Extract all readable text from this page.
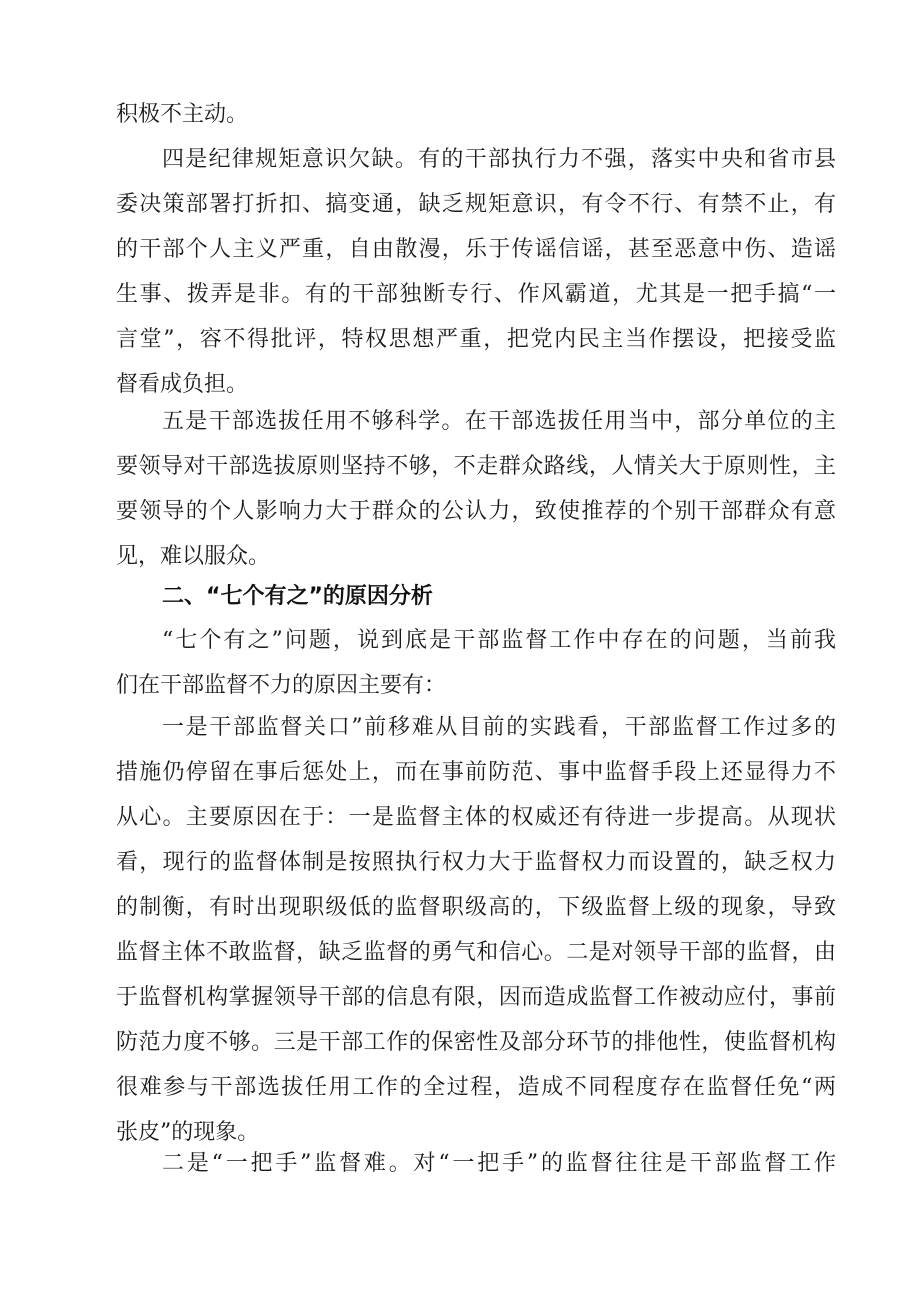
积极不主动。
四是纪律规矩意识欠缺。有的干部执行力不强，落实中央和省市县
委决策部署打折扣、搞变通，缺乏规矩意识，有令不行、有禁不止，有
的干部个人主义严重，自由散漫，乐于传谣信谣，甚至恶意中伤、造谣
生事、拨弄是非。有的干部独断专行、作风霸道，尤其是一把手搞“一
言堂”，容不得批评，特权思想严重，把党内民主当作摆设，把接受监
督看成负担。
五是干部选拔任用不够科学。在干部选拔任用当中，部分单位的主
要领导对干部选拔原则坚持不够，不走群众路线，人情关大于原则性，主
要领导的个人影响力大于群众的公认力，致使推荐的个别干部群众有意
见，难以服众。
二、“七个有之”的原因分析
“七个有之”问题，说到底是干部监督工作中存在的问题，当前我
们在干部监督不力的原因主要有：
一是干部监督关口”前移难从目前的实践看，干部监督工作过多的
措施仍停留在事后惩处上，而在事前防范、事中监督手段上还显得力不
从心。主要原因在于：一是监督主体的权威还有待进一步提高。从现状
看，现行的监督体制是按照执行权力大于监督权力而设置的，缺乏权力
的制衡，有时出现职级低的监督职级高的，下级监督上级的现象，导致
监督主体不敢监督，缺乏监督的勇气和信心。二是对领导干部的监督，由
于监督机构掌握领导干部的信息有限，因而造成监督工作被动应付，事前
防范力度不够。三是干部工作的保密性及部分环节的排他性，使监督机构
很难参与干部选拔任用工作的全过程，造成不同程度存在监督任免“两
张皮”的现象。
二是“一把手”监督难。对“一把手”的监督往往是干部监督工作
